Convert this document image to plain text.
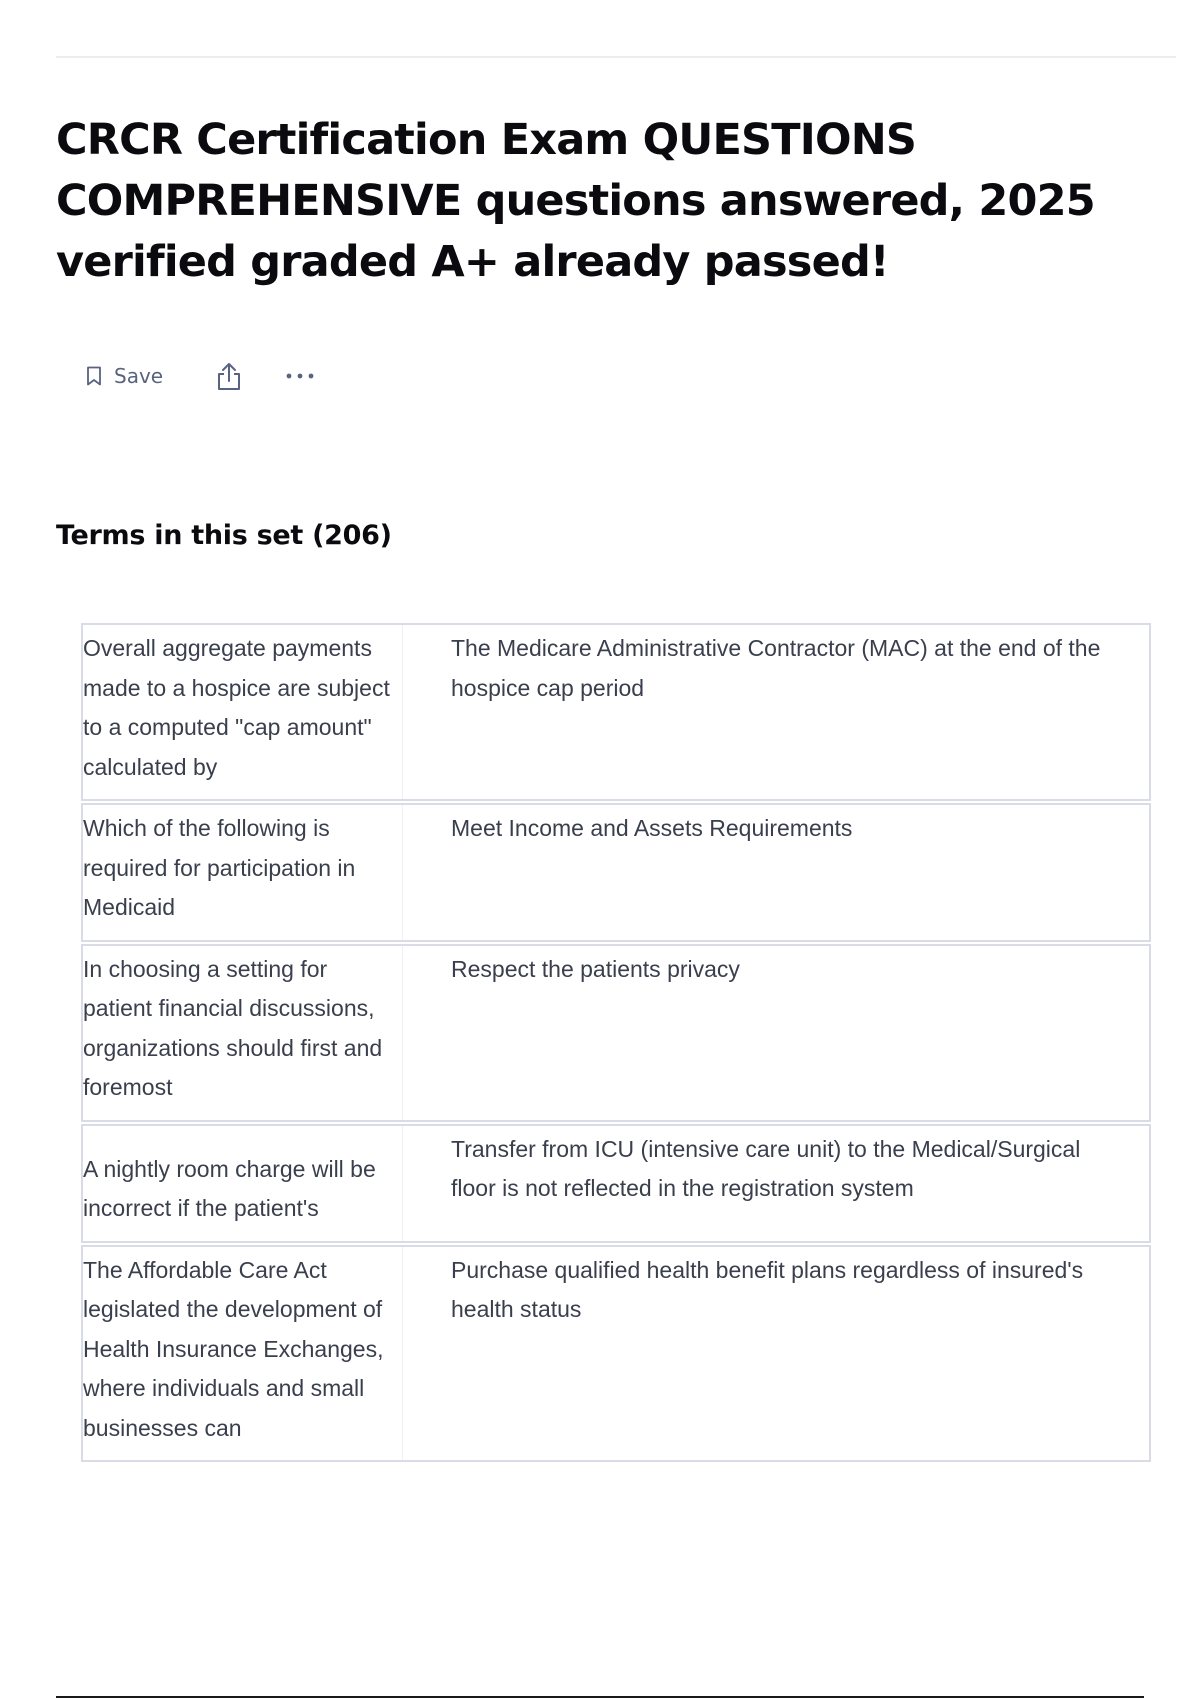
CRCR Certification Exam QUESTIONS COMPREHENSIVE questions answered, 2025 verified graded A+ already passed!
Save
Terms in this set (206)
Overall aggregate payments made to a hospice are subject to a computed "cap amount" calculated by
The Medicare Administrative Contractor (MAC) at the end of the hospice cap period
Which of the following is required for participation in Medicaid
Meet Income and Assets Requirements
In choosing a setting for patient financial discussions, organizations should first and foremost
Respect the patients privacy
A nightly room charge will be incorrect if the patient's
Transfer from ICU (intensive care unit) to the Medical/Surgical
floor is not reflected in the registration system
The Affordable Care Act legislated the development of Health Insurance Exchanges, where individuals and small businesses can
Purchase qualified health benefit plans regardless of insured's
health status
